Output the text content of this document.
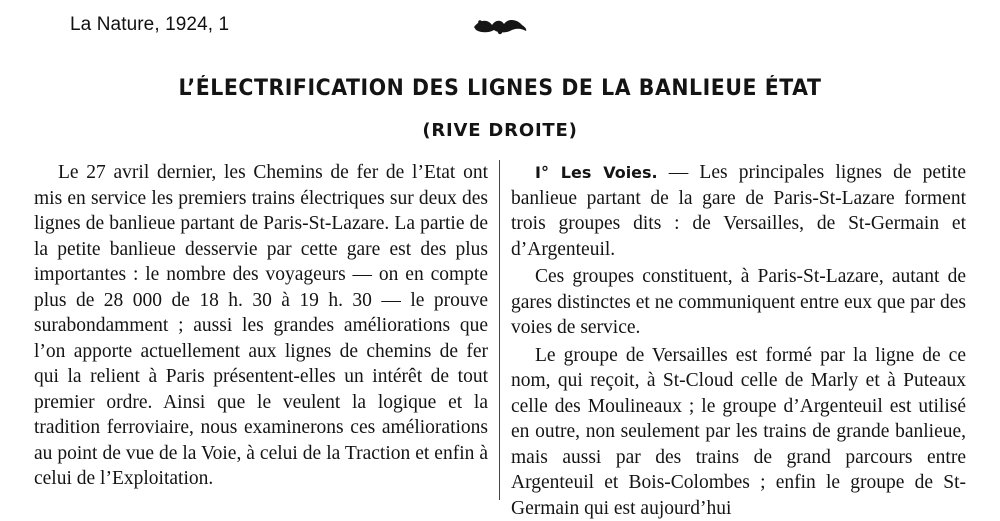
La Nature, 1924, 1
L’ÉLECTRIFICATION DES LIGNES DE LA BANLIEUE ÉTAT
(RIVE DROITE)

Le 27 avril dernier, les Chemins de fer de l’Etat ont mis en service les premiers trains électriques sur deux des lignes de banlieue partant de Paris-St-Lazare. La partie de la petite banlieue desservie par cette gare est des plus importantes : le nombre des voyageurs — on en compte plus de 28 000 de 18 h. 30 à 19 h. 30 — le prouve surabondamment ; aussi les grandes améliorations que l’on apporte actuellement aux lignes de chemins de fer qui la relient à Paris présentent-elles un intérêt de tout premier ordre. Ainsi que le veulent la logique et la tradition ferroviaire, nous examinerons ces améliorations au point de vue de la Voie, à celui de la Traction et enfin à celui de l’Exploitation.

I° Les Voies. — Les principales lignes de petite banlieue partant de la gare de Paris-St-Lazare forment trois groupes dits : de Versailles, de St-Germain et d’Argenteuil.

Ces groupes constituent, à Paris-St-Lazare, autant de gares distinctes et ne communiquent entre eux que par des voies de service.

Le groupe de Versailles est formé par la ligne de ce nom, qui reçoit, à St-Cloud celle de Marly et à Puteaux celle des Moulineaux ; le groupe d’Argenteuil est utilisé en outre, non seulement par les trains de grande banlieue, mais aussi par des trains de grand parcours entre Argenteuil et Bois-Colombes ; enfin le groupe de St-Germain qui est aujourd’hui
